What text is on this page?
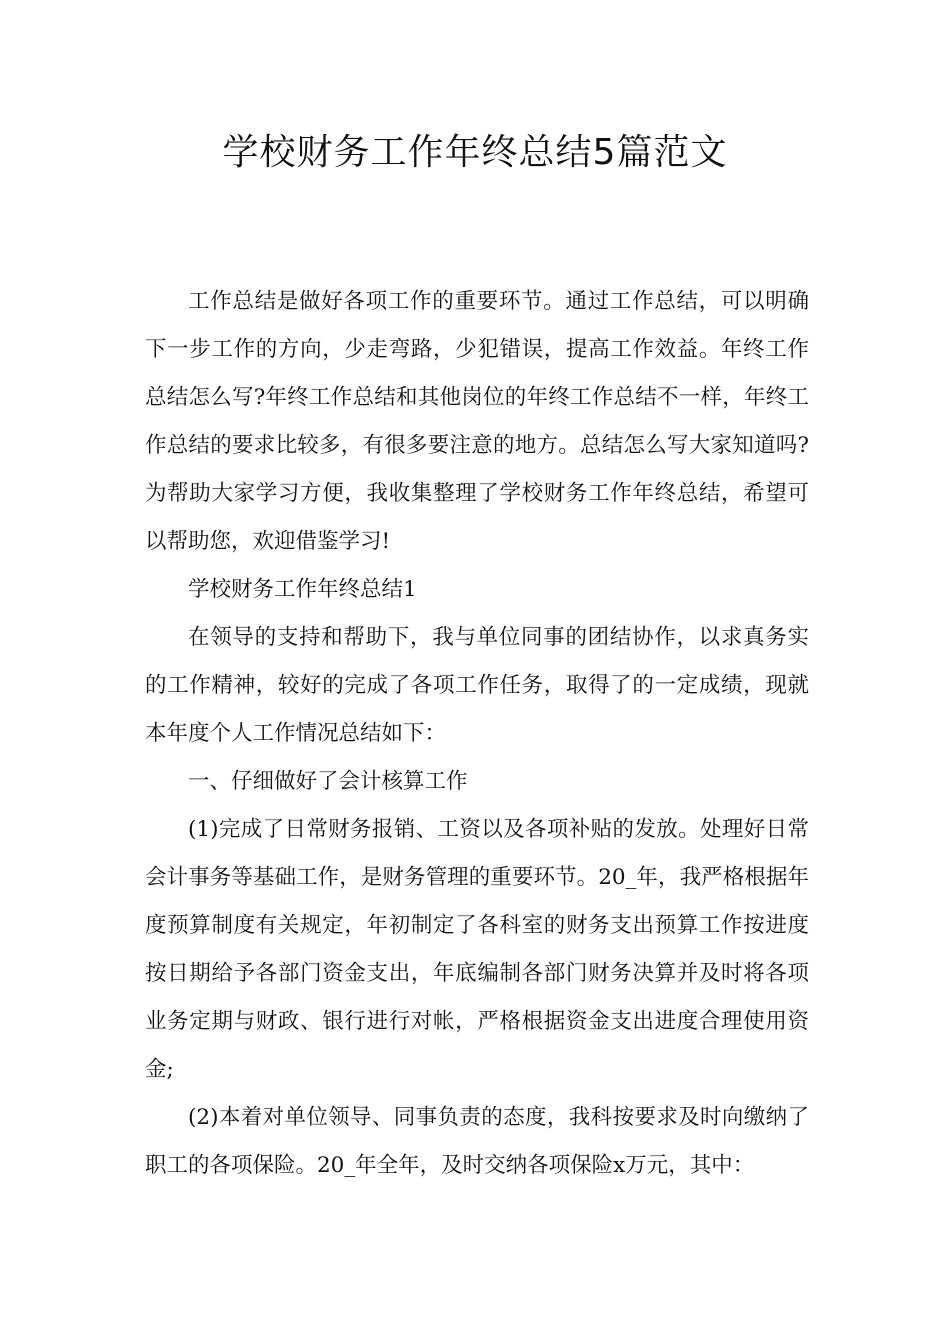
学校财务工作年终总结5篇范文

工作总结是做好各项工作的重要环节。通过工作总结，可以明确下一步工作的方向，少走弯路，少犯错误，提高工作效益。年终工作总结怎么写?年终工作总结和其他岗位的年终工作总结不一样，年终工作总结的要求比较多，有很多要注意的地方。总结怎么写大家知道吗?为帮助大家学习方便，我收集整理了学校财务工作年终总结，希望可以帮助您，欢迎借鉴学习!

学校财务工作年终总结1

在领导的支持和帮助下，我与单位同事的团结协作，以求真务实的工作精神，较好的完成了各项工作任务，取得了的一定成绩，现就本年度个人工作情况总结如下：

一、仔细做好了会计核算工作

(1)完成了日常财务报销、工资以及各项补贴的发放。处理好日常会计事务等基础工作，是财务管理的重要环节。20_年，我严格根据年度预算制度有关规定，年初制定了各科室的财务支出预算工作按进度按日期给予各部门资金支出，年底编制各部门财务决算并及时将各项业务定期与财政、银行进行对帐，严格根据资金支出进度合理使用资金;

(2)本着对单位领导、同事负责的态度，我科按要求及时向缴纳了职工的各项保险。20_年全年，及时交纳各项保险x万元，其中：
